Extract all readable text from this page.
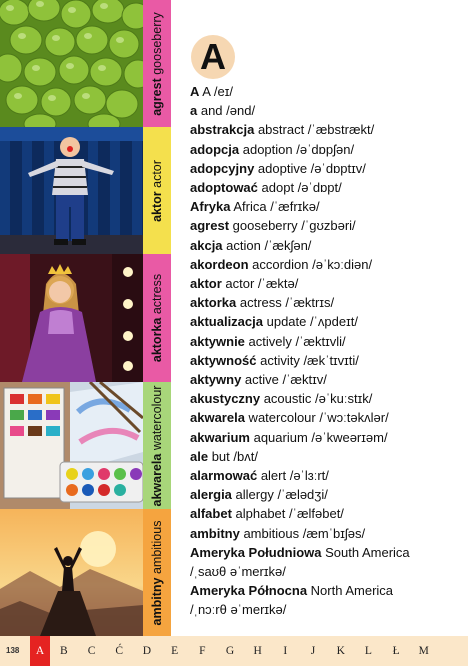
agrest gooseberry
aktor actor
aktorka actress
akwarela watercolour
ambitny ambitious
A
A A /eɪ/
a and /ənd/
abstrakcja abstract /ˈæbstrækt/
adopcja adoption /əˈdɒpʃən/
adopcyjny adoptive /əˈdɒptɪv/
adoptować adopt /əˈdɒpt/
Afryka Africa /ˈæfrɪkə/
agrest gooseberry /ˈɡʊzbəri/
akcja action /ˈækʃən/
akordeon accordion /əˈkɔːdiən/
aktor actor /ˈæktə/
aktorka actress /ˈæktrɪs/
aktualizacja update /ˈʌpdeɪt/
aktywnie actively /ˈæktɪvli/
aktywność activity /ækˈtɪvɪti/
aktywny active /ˈæktɪv/
akustyczny acoustic /əˈkuːstɪk/
akwarela watercolour /ˈwɔːtəkʌlər/
akwarium aquarium /əˈkweərɪəm/
ale but /bʌt/
alarmować alert /əˈlɜːrt/
alergia allergy /ˈælədʒi/
alfabet alphabet /ˈælfəbet/
ambitny ambitious /æmˈbɪʃəs/
Ameryka Południowa South America
/ˌsaʊθ əˈmerɪkə/
Ameryka Północna North America
/ˌnɔːrθ əˈmerɪkə/
138	A	B	C	Ć	D	E	F	G	H	I	J	K	L	Ł	M
